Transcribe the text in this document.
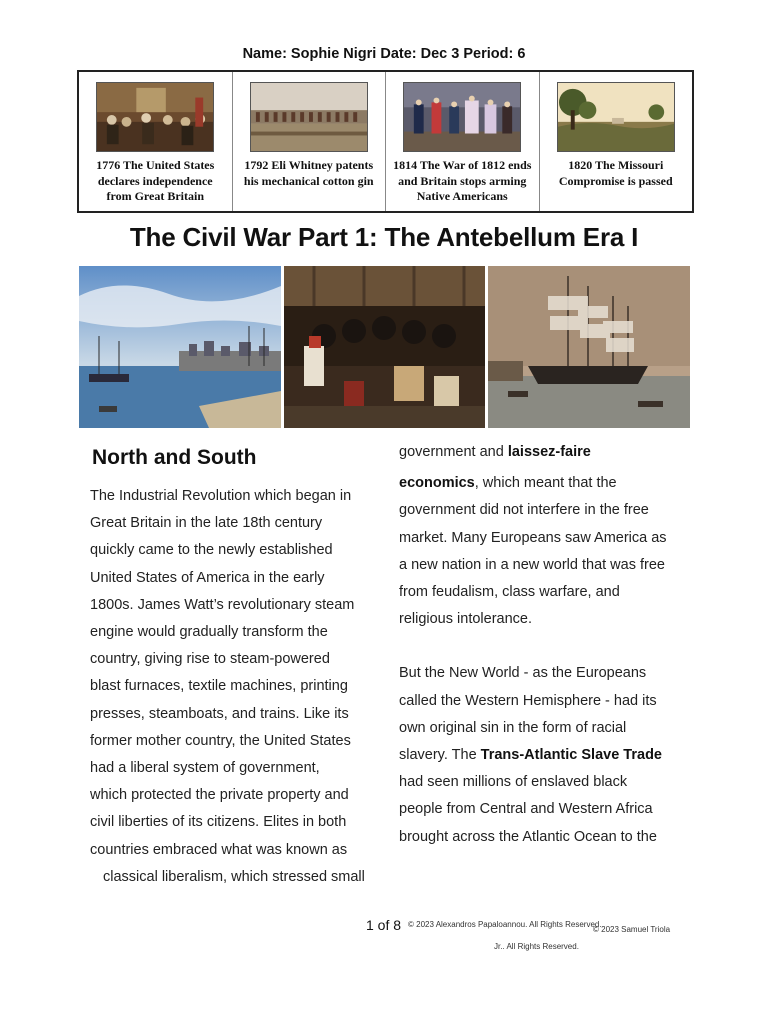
Name: Sophie Nigri Date: Dec 3 Period: 6
1776 The United States
declares independence
from Great Britain
1792 Eli Whitney patents
his mechanical cotton gin
1814 The War of 1812 ends
and Britain stops arming
Native Americans
1820 The Missouri
Compromise is passed
The Civil War Part 1: The Antebellum Era I
North and South
The Industrial Revolution which began in
Great Britain in the late 18th century
quickly came to the newly established
United States of America in the early
1800s. James Watt’s revolutionary steam
engine would gradually transform the
country, giving rise to steam-powered
blast furnaces, textile machines, printing
presses, steamboats, and trains. Like its
former mother country, the United States
had a liberal system of government,
which protected the private property and
civil liberties of its citizens. Elites in both
countries embraced what was known as
classical liberalism, which stressed small
government and laissez-faire
economics, which meant that the
government did not interfere in the free
market. Many Europeans saw America as
a new nation in a new world that was free
from feudalism, class warfare, and
religious intolerance.
But the New World - as the Europeans
called the Western Hemisphere - had its
own original sin in the form of racial
slavery. The Trans-Atlantic Slave Trade
had seen millions of enslaved black
people from Central and Western Africa
brought across the Atlantic Ocean to the
1 of 8 © 2023 Alexandros Papaloannou. All Rights Reserved.
© 2023 Samuel Triola
Jr.. All Rights Reserved.
